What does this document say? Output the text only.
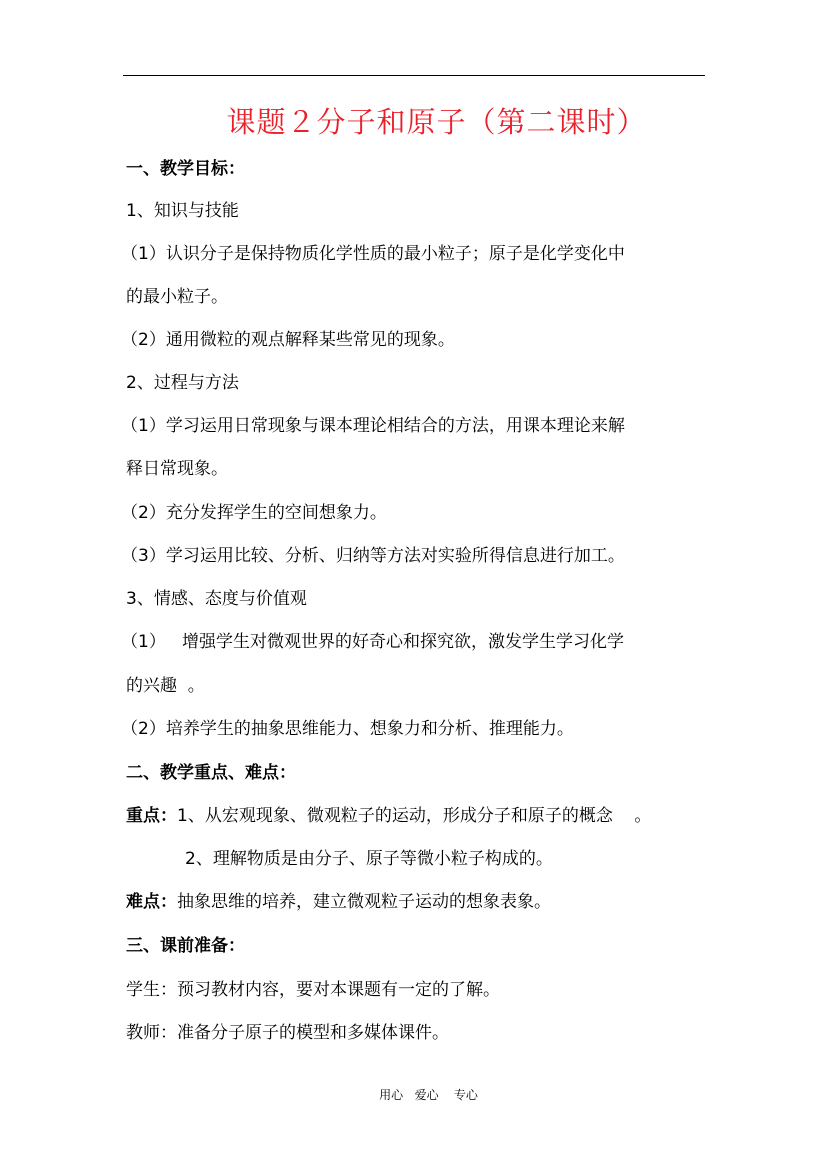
课题２分子和原子（第二课时）
一、教学目标：
1、知识与技能
（1）认识分子是保持物质化学性质的最小粒子；原子是化学变化中
的最小粒子。
（2）通用微粒的观点解释某些常见的现象。
2、过程与方法
（1）学习运用日常现象与课本理论相结合的方法，用课本理论来解
释日常现象。
（2）充分发挥学生的空间想象力。
（3）学习运用比较、分析、归纳等方法对实验所得信息进行加工。
3、情感、态度与价值观
（1）   增强学生对微观世界的好奇心和探究欲，激发学生学习化学
的兴趣  。
（2）培养学生的抽象思维能力、想象力和分析、推理能力。
二、教学重点、难点：
重点：1、从宏观现象、微观粒子的运动，形成分子和原子的概念    。
2、理解物质是由分子、原子等微小粒子构成的。
难点：抽象思维的培养，建立微观粒子运动的想象表象。
三、课前准备：
学生：预习教材内容，要对本课题有一定的了解。
教师：准备分子原子的模型和多媒体课件。
用心   爱心    专心
